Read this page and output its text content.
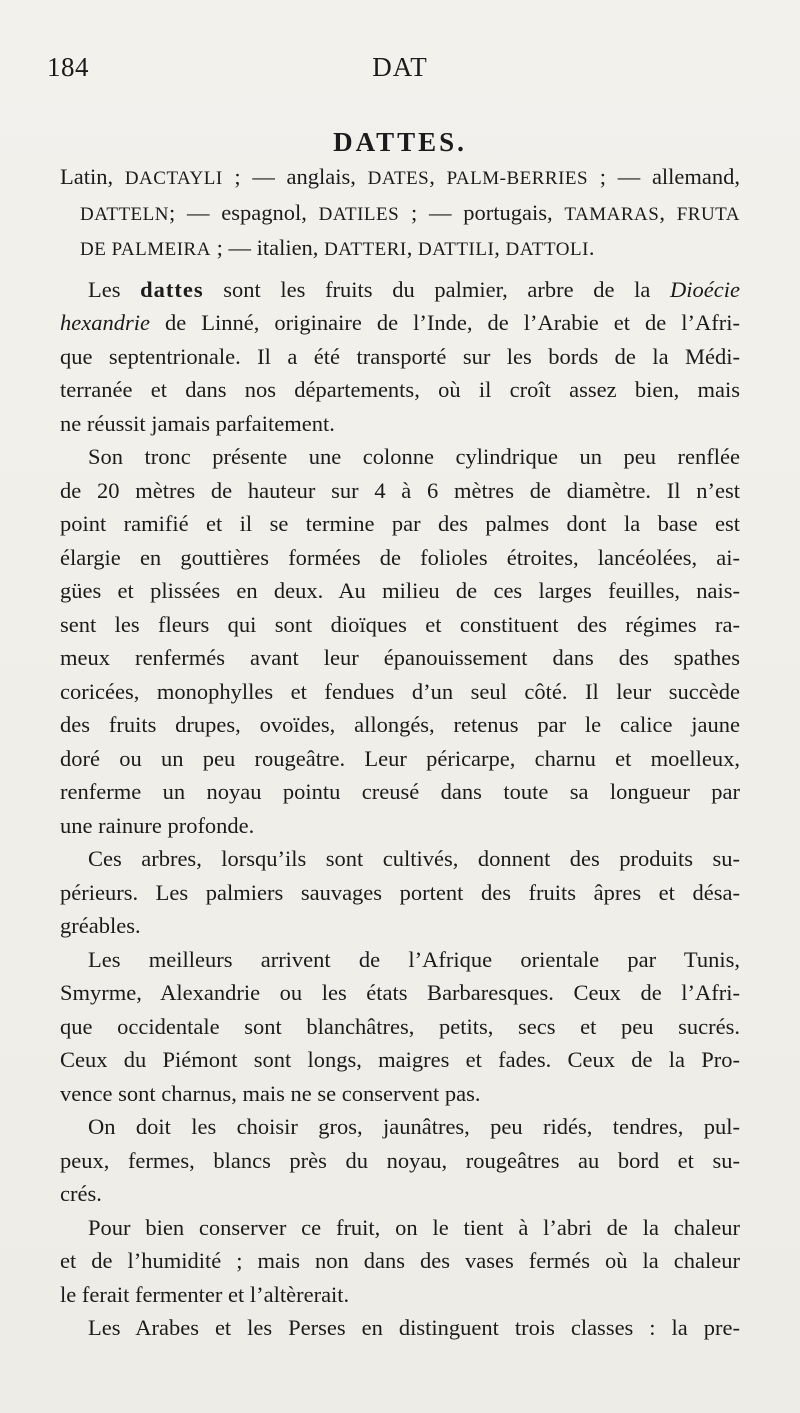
184	DAT
DATTES.
Latin, DACTAYLI ; — anglais, DATES, PALM-BERRIES ; — allemand,
DATTELN; — espagnol, DATILES ; — portugais, TAMARAS, FRUTA
DE PALMEIRA ; — italien, DATTERI, DATTILI, DATTOLI.
Les dattes sont les fruits du palmier, arbre de la Dioécie
hexandrie de Linné, originaire de l’Inde, de l’Arabie et de l’Afri-
que septentrionale. Il a été transporté sur les bords de la Médi-
terranée et dans nos départements, où il croît assez bien, mais
ne réussit jamais parfaitement.
Son tronc présente une colonne cylindrique un peu renflée
de 20 mètres de hauteur sur 4 à 6 mètres de diamètre. Il n’est
point ramifié et il se termine par des palmes dont la base est
élargie en gouttières formées de folioles étroites, lancéolées, ai-
gües et plissées en deux. Au milieu de ces larges feuilles, nais-
sent les fleurs qui sont dioïques et constituent des régimes ra-
meux renfermés avant leur épanouissement dans des spathes
coricées, monophylles et fendues d’un seul côté. Il leur succède
des fruits drupes, ovoïdes, allongés, retenus par le calice jaune
doré ou un peu rougeâtre. Leur péricarpe, charnu et moelleux,
renferme un noyau pointu creusé dans toute sa longueur par
une rainure profonde.
Ces arbres, lorsqu’ils sont cultivés, donnent des produits su-
périeurs. Les palmiers sauvages portent des fruits âpres et désa-
gréables.
Les meilleurs arrivent de l’Afrique orientale par Tunis,
Smyrme, Alexandrie ou les états Barbaresques. Ceux de l’Afri-
que occidentale sont blanchâtres, petits, secs et peu sucrés.
Ceux du Piémont sont longs, maigres et fades. Ceux de la Pro-
vence sont charnus, mais ne se conservent pas.
On doit les choisir gros, jaunâtres, peu ridés, tendres, pul-
peux, fermes, blancs près du noyau, rougeâtres au bord et su-
crés.
Pour bien conserver ce fruit, on le tient à l’abri de la chaleur
et de l’humidité ; mais non dans des vases fermés où la chaleur
le ferait fermenter et l’altèrerait.
Les Arabes et les Perses en distinguent trois classes : la pre-
